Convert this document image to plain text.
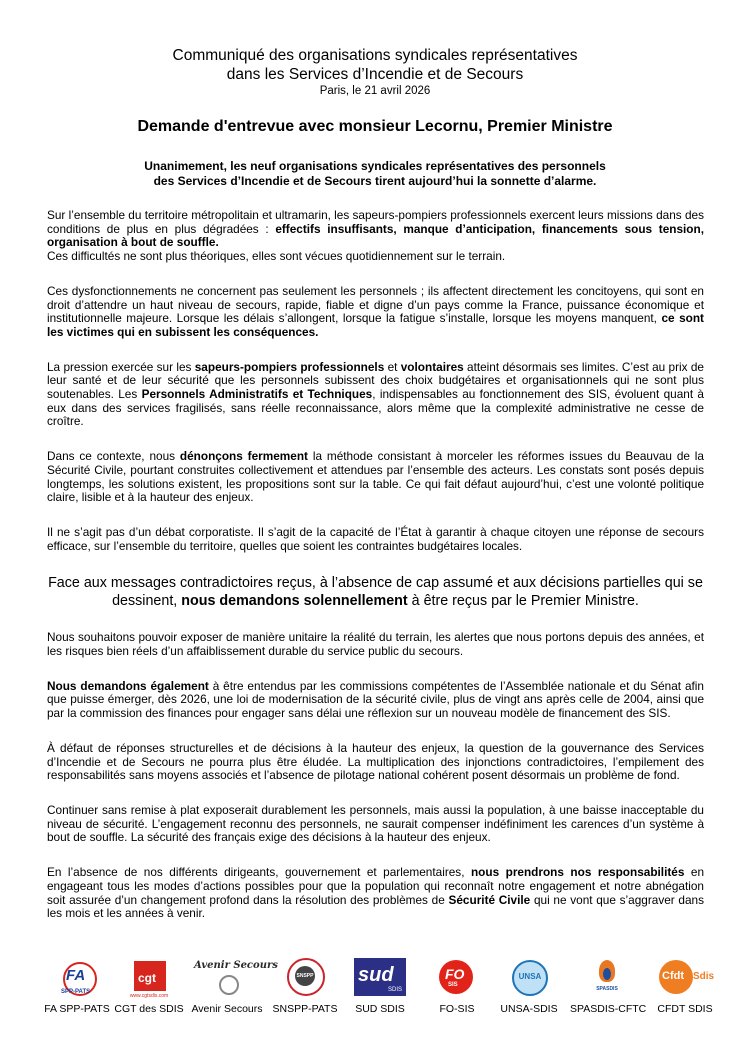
Communiqué des organisations syndicales représentatives
dans les Services d’Incendie et de Secours
Paris, le 21 avril 2026
Demande d'entrevue avec monsieur Lecornu, Premier Ministre
Unanimement, les neuf organisations syndicales représentatives des personnels
des Services d’Incendie et de Secours tirent aujourd’hui la sonnette d’alarme.

Sur l’ensemble du territoire métropolitain et ultramarin, les sapeurs-pompiers professionnels exercent leurs missions dans des conditions de plus en plus dégradées : effectifs insuffisants, manque d’anticipation, financements sous tension, organisation à bout de souffle.
Ces difficultés ne sont plus théoriques, elles sont vécues quotidiennement sur le terrain.

Ces dysfonctionnements ne concernent pas seulement les personnels ; ils affectent directement les concitoyens, qui sont en droit d’attendre un haut niveau de secours, rapide, fiable et digne d’un pays comme la France, puissance économique et institutionnelle majeure. Lorsque les délais s’allongent, lorsque la fatigue s’installe, lorsque les moyens manquent, ce sont les victimes qui en subissent les conséquences.

La pression exercée sur les sapeurs-pompiers professionnels et volontaires atteint désormais ses limites. C’est au prix de leur santé et de leur sécurité que les personnels subissent des choix budgétaires et organisationnels qui ne sont plus soutenables. Les Personnels Administratifs et Techniques, indispensables au fonctionnement des SIS, évoluent quant à eux dans des services fragilisés, sans réelle reconnaissance, alors même que la complexité administrative ne cesse de croître.

Dans ce contexte, nous dénonçons fermement la méthode consistant à morceler les réformes issues du Beauvau de la Sécurité Civile, pourtant construites collectivement et attendues par l’ensemble des acteurs. Les constats sont posés depuis longtemps, les solutions existent, les propositions sont sur la table. Ce qui fait défaut aujourd’hui, c’est une volonté politique claire, lisible et à la hauteur des enjeux.

Il ne s’agit pas d’un débat corporatiste. Il s’agit de la capacité de l’État à garantir à chaque citoyen une réponse de secours efficace, sur l’ensemble du territoire, quelles que soient les contraintes budgétaires locales.

Face aux messages contradictoires reçus, à l’absence de cap assumé et aux décisions partielles qui se dessinent, nous demandons solennellement à être reçus par le Premier Ministre.

Nous souhaitons pouvoir exposer de manière unitaire la réalité du terrain, les alertes que nous portons depuis des années, et les risques bien réels d’un affaiblissement durable du service public du secours.

Nous demandons également à être entendus par les commissions compétentes de l’Assemblée nationale et du Sénat afin que puisse émerger, dès 2026, une loi de modernisation de la sécurité civile, plus de vingt ans après celle de 2004, ainsi que par la commission des finances pour engager sans délai une réflexion sur un nouveau modèle de financement des SIS.

À défaut de réponses structurelles et de décisions à la hauteur des enjeux, la question de la gouvernance des Services d’Incendie et de Secours ne pourra plus être éludée. La multiplication des injonctions contradictoires, l’empilement des responsabilités sans moyens associés et l’absence de pilotage national cohérent posent désormais un problème de fond.

Continuer sans remise à plat exposerait durablement les personnels, mais aussi la population, à une baisse inacceptable du niveau de sécurité. L’engagement reconnu des personnels, ne saurait compenser indéfiniment les carences d’un système à bout de souffle. La sécurité des français exige des décisions à la hauteur des enjeux.

En l’absence de nos différents dirigeants, gouvernement et parlementaires, nous prendrons nos responsabilités en engageant tous les modes d’actions possibles pour que la population qui reconnaît notre engagement et notre abnégation soit assurée d’un changement profond dans la résolution des problèmes de Sécurité Civile qui ne vont que s’aggraver dans les mois et les années à venir.

FA
SPP-PATS
FA SPP-PATS
cgt
www.cgtsdis.com
CGT des SDIS
Avenir Secours
Avenir Secours
SNSPP
SNSPP-PATS
sud
SDIS
SUD SDIS
FO
SIS
FO-SIS
UNSA
UNSA-SDIS
SPASDIS
SPASDIS-CFTC
Cfdt Sdis
CFDT SDIS
